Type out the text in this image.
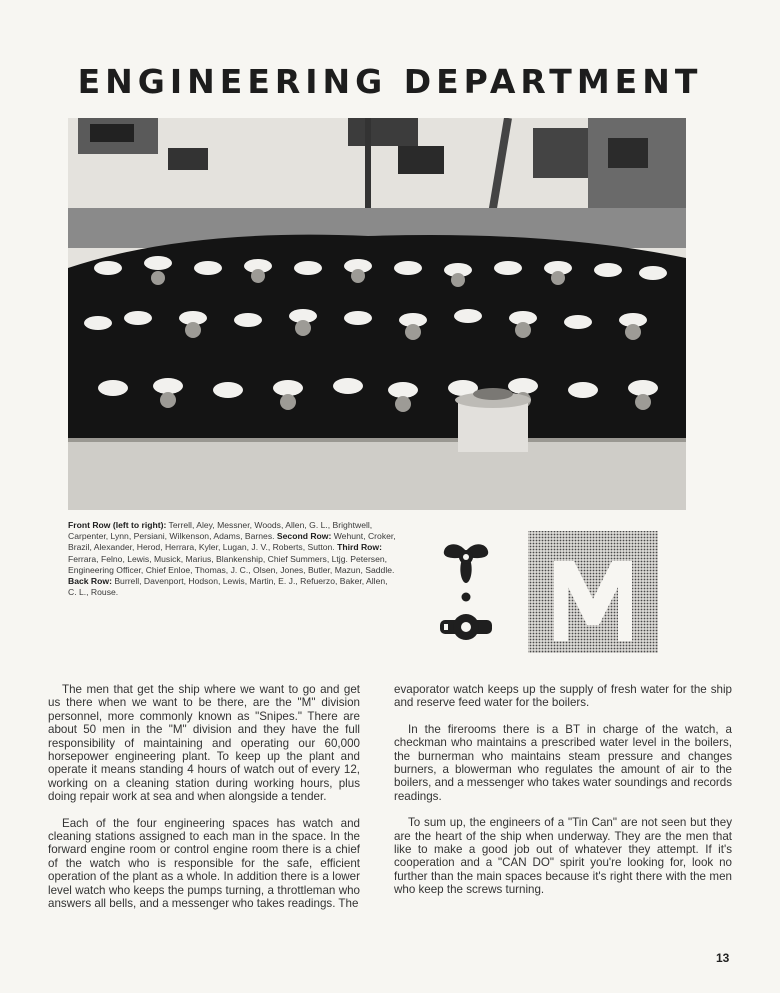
ENGINEERING DEPARTMENT
Front Row (left to right): Terrell, Aley, Messner, Woods, Allen, G. L., Brightwell, Carpenter, Lynn, Persiani, Wilkenson, Adams, Barnes. Second Row: Wehunt, Croker, Brazil, Alexander, Herod, Herrara, Kyler, Lugan, J. V., Roberts, Sutton. Third Row: Ferrara, Felno, Lewis, Musick, Marius, Blankenship, Chief Summers, Ltjg. Petersen, Engineering Officer, Chief Enloe, Thomas, J. C., Olsen, Jones, Butler, Mazun, Saddle. Back Row: Burrell, Davenport, Hodson, Lewis, Martin, E. J., Refuerzo, Baker, Allen, C. L., Rouse.

The men that get the ship where we want to go and get us there when we want to be there, are the "M" division personnel, more commonly known as "Snipes." There are about 50 men in the "M" division and they have the full responsibility of maintaining and operating our 60,000 horsepower engineering plant. To keep up the plant and operate it means standing 4 hours of watch out of every 12, working on a cleaning station during working hours, plus doing repair work at sea and when alongside a tender.

Each of the four engineering spaces has watch and cleaning stations assigned to each man in the space. In the forward engine room or control engine room there is a chief of the watch who is responsible for the safe, efficient operation of the plant as a whole. In addition there is a lower level watch who keeps the pumps turning, a throttleman who answers all bells, and a messenger who takes readings. The

evaporator watch keeps up the supply of fresh water for the ship and reserve feed water for the boilers.

In the firerooms there is a BT in charge of the watch, a checkman who maintains a prescribed water level in the boilers, the burnerman who maintains steam pressure and changes burners, a blowerman who regulates the amount of air to the boilers, and a messenger who takes water soundings and records readings.

To sum up, the engineers of a "Tin Can" are not seen but they are the heart of the ship when underway. They are the men that like to make a good job out of whatever they attempt. If it's cooperation and a "CAN DO" spirit you're looking for, look no further than the main spaces because it's right there with the men who keep the screws turning.

13
